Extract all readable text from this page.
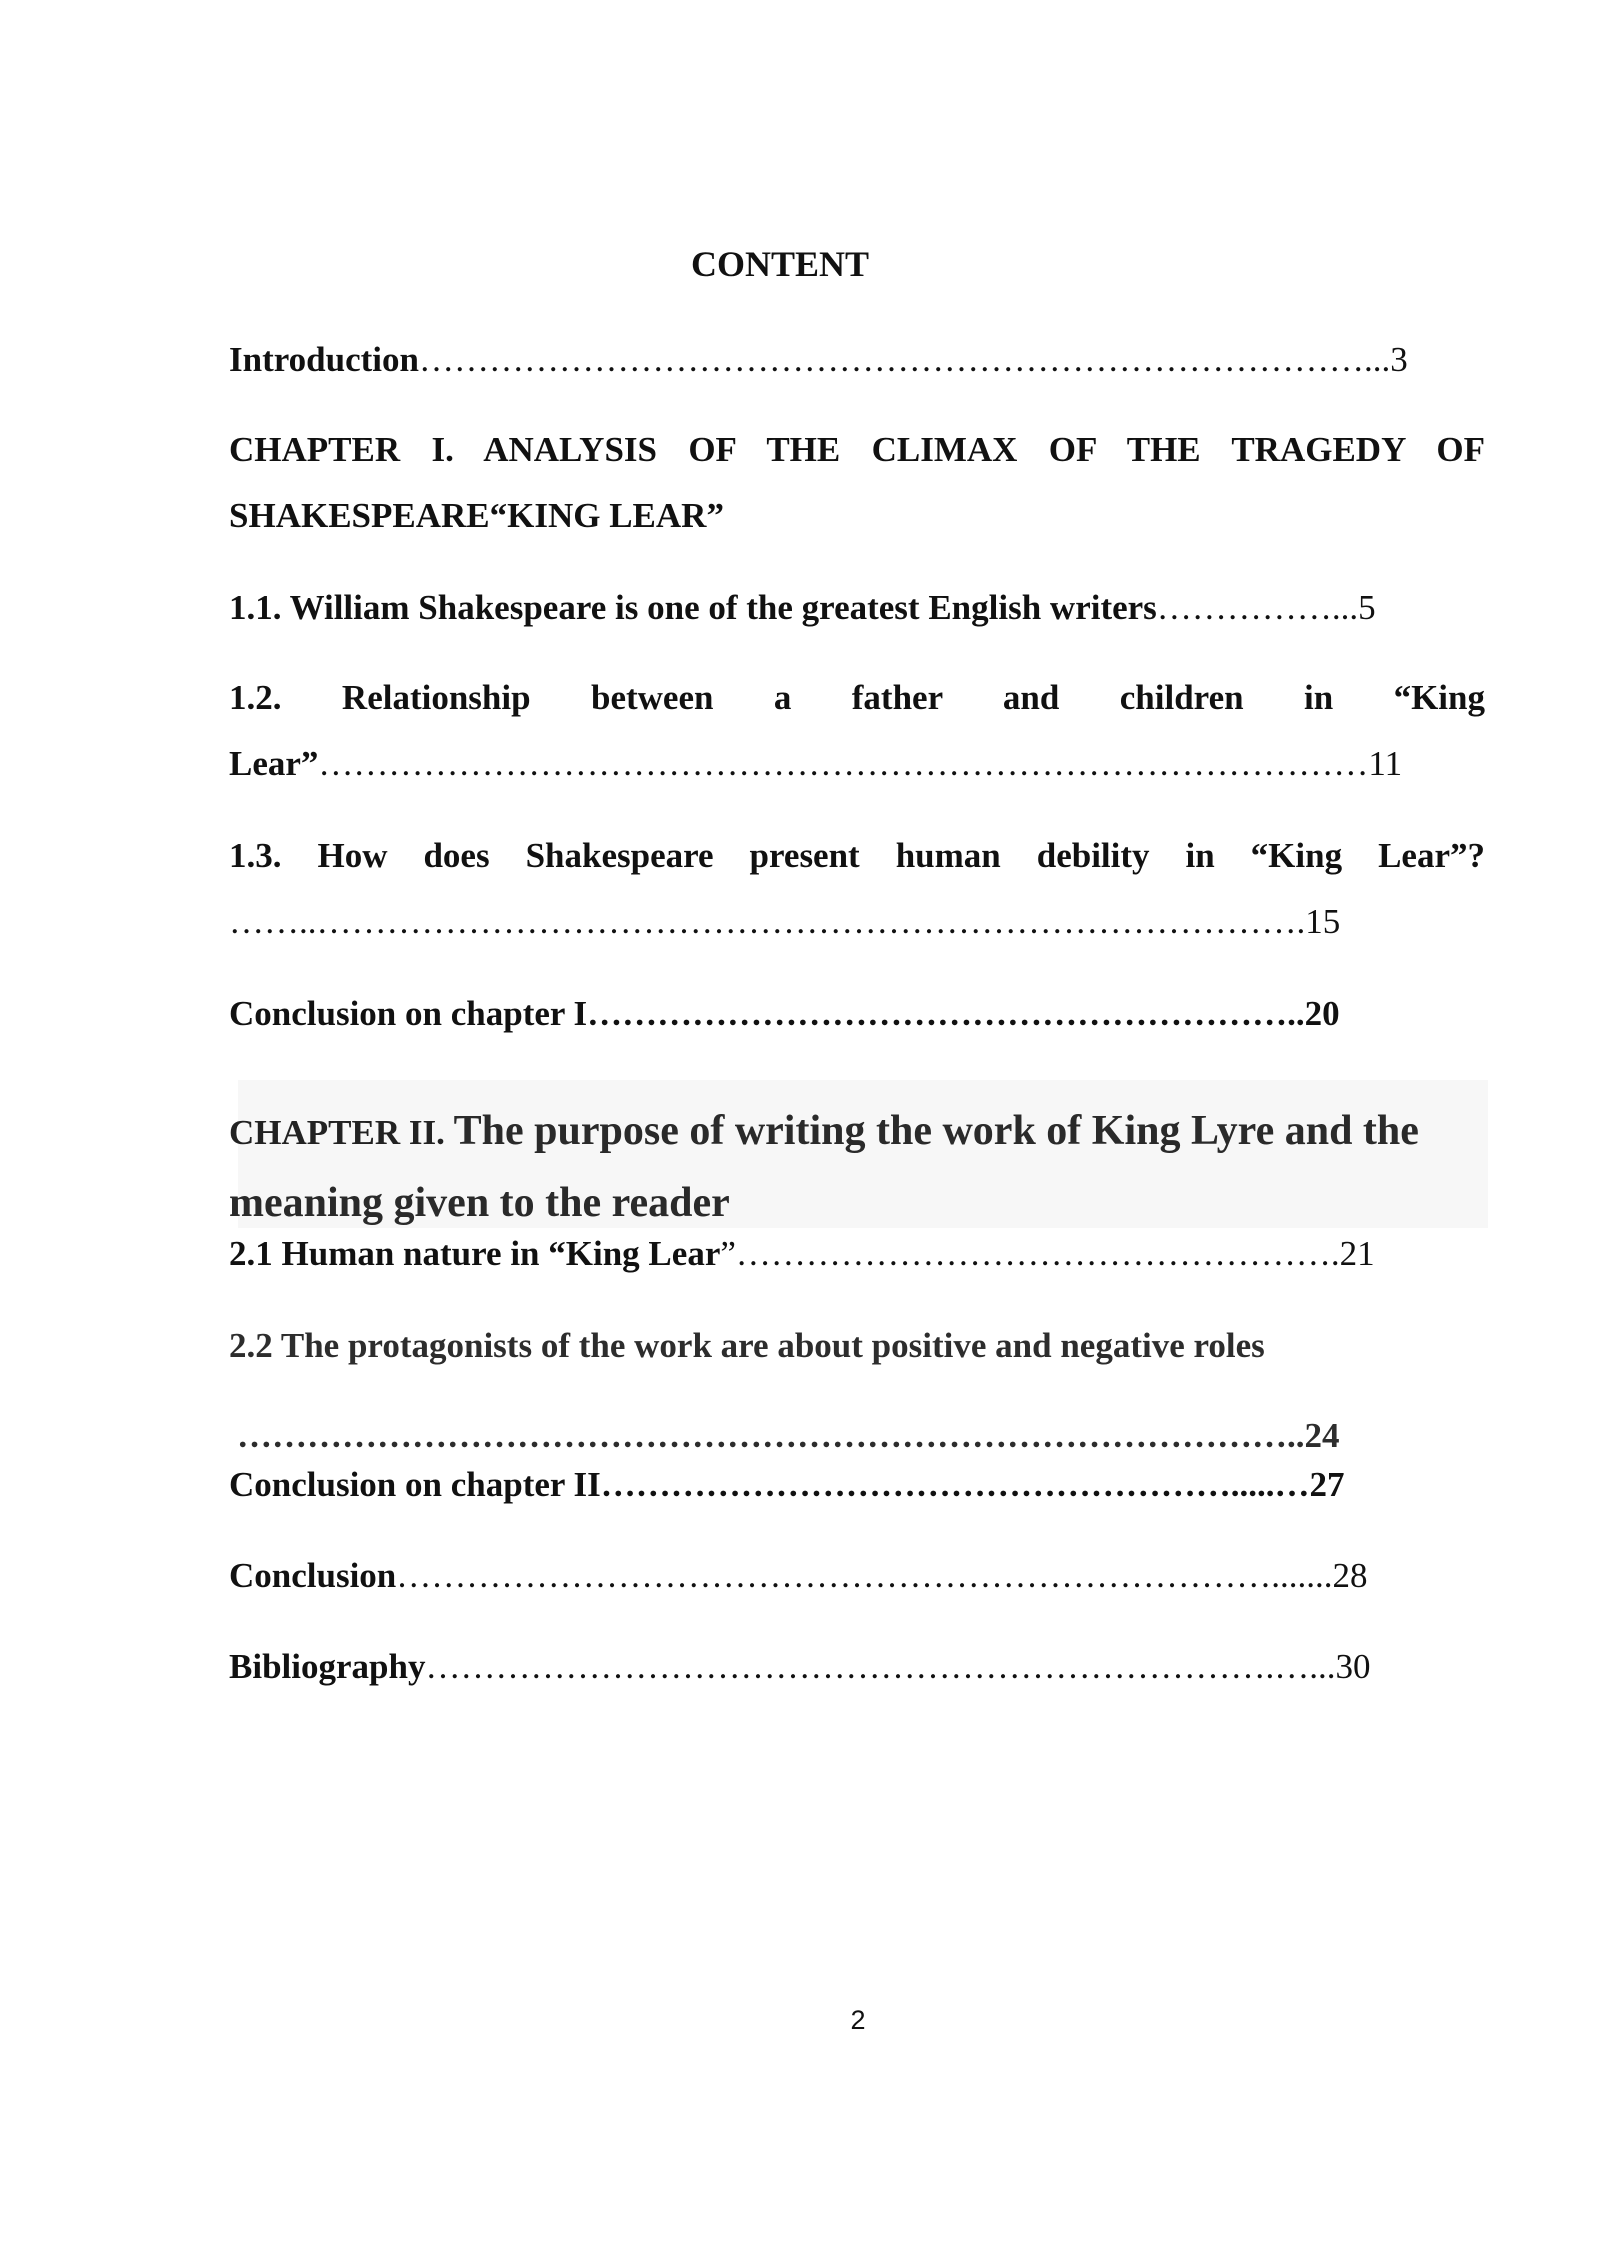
CONTENT
Introduction………………………………………………………………………...3
CHAPTER I. ANALYSIS OF THE CLIMAX OF THE TRAGEDY OF
SHAKESPEARE“KING LEAR”
1.1. William Shakespeare is one of the greatest English writers……………...5
1.2. Relationship between a father and children in “King
Lear”………………………………………………………………………………11
1.3. How does Shakespeare present human debility in “King Lear”?
……..………………………………………………………………………….15
Conclusion on chapter I……………………………………………………..20
CHAPTER II. The purpose of writing the work of King Lyre and the
meaning given to the reader
2.1 Human nature in “King Lear”…………………………………………….21
2.2 The protagonists of the work are about positive and negative roles
………………………………………………………………………………..24
Conclusion on chapter II……………………………………………….....…27
Conclusion………………………………………………………………….......28
Bibliography……………………………………………………………….…...30
2
